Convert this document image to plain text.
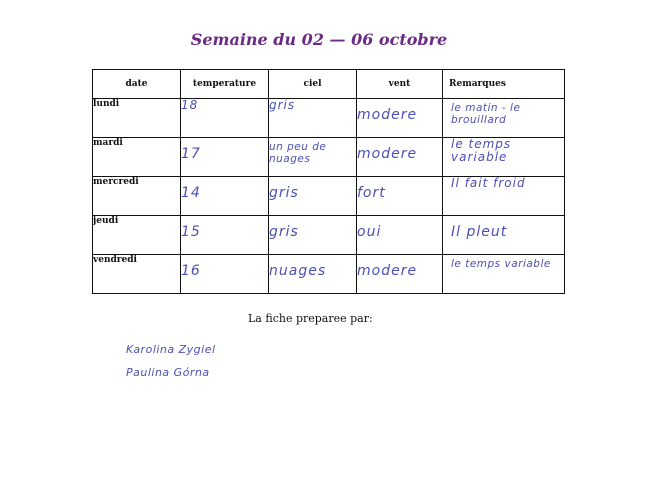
Semaine du 02 — 06 octobre
date	temperature	ciel	vent	Remarques
lundi	18	gris	modere	le matin - le brouillard
mardi	17	un peu de nuages	modere	le temps variable
mercredi	14	gris	fort	Il fait froid
jeudi	15	gris	oui	Il pleut
vendredi	16	nuages	modere	le temps variable
La fiche preparee par:
Karolina Zygiel
Paulina Górna
